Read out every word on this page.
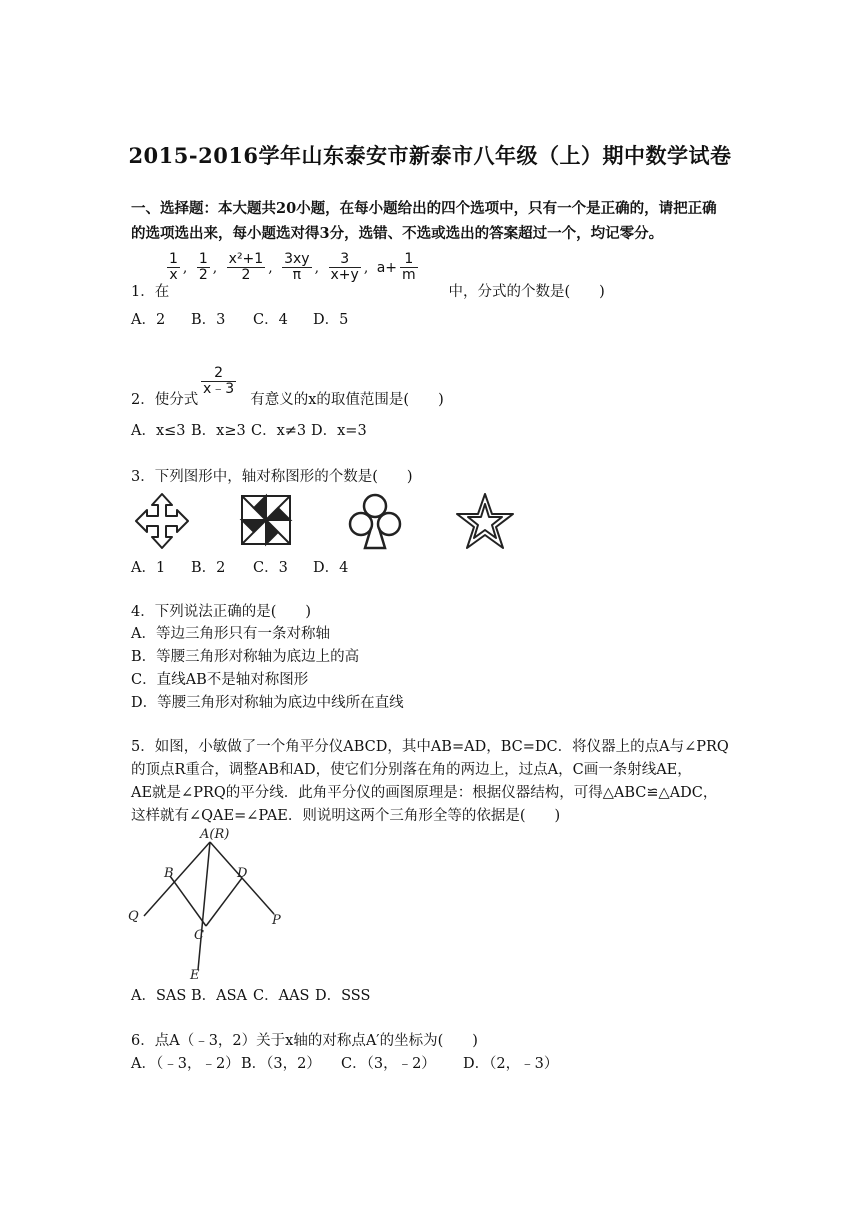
2015-2016学年山东泰安市新泰市八年级（上）期中数学试卷
一、选择题：本大题共20小题，在每小题给出的四个选项中，只有一个是正确的，请把正确的选项选出来，每小题选对得3分，选错、不选或选出的答案超过一个，均记零分。
$\frac{1}{x}$ , $\frac{1}{2}$ , $\frac{\text{x²+1}}{2}$ , $\frac{3xy}{\pi}$ , $\frac{3}{x+y}$ , $a+ \frac{1}{m}$
1．在	中，分式的个数是(　　)
A．2 B．3 C．4 D．5
$\frac{2}{x﹣3}$
2．使分式	有意义的x的取值范围是(　　)
A．x≤3 B．x≥3 C．x≠3 D．x=3
3．下列图形中，轴对称图形的个数是(　　)
A．1 B．2 C．3 D．4
4．下列说法正确的是(　　)
A．等边三角形只有一条对称轴
B．等腰三角形对称轴为底边上的高
C．直线AB不是轴对称图形
D．等腰三角形对称轴为底边中线所在直线
5．如图，小敏做了一个角平分仪ABCD，其中AB=AD，BC=DC．将仪器上的点A与∠PRQ
的顶点R重合，调整AB和AD，使它们分别落在角的两边上，过点A，C画一条射线AE，
AE就是∠PRQ的平分线．此角平分仪的画图原理是：根据仪器结构，可得△ABC≌△ADC，
这样就有∠QAE=∠PAE．则说明这两个三角形全等的依据是(　　)
A(R)
B	D
Q	P
C
E
A．SAS B．ASA C．AAS D．SSS
6．点A（﹣3，2）关于x轴的对称点A′的坐标为(　　)
A．（﹣3，﹣2）B．（3，2） C．（3，﹣2） D．（2，﹣3）
